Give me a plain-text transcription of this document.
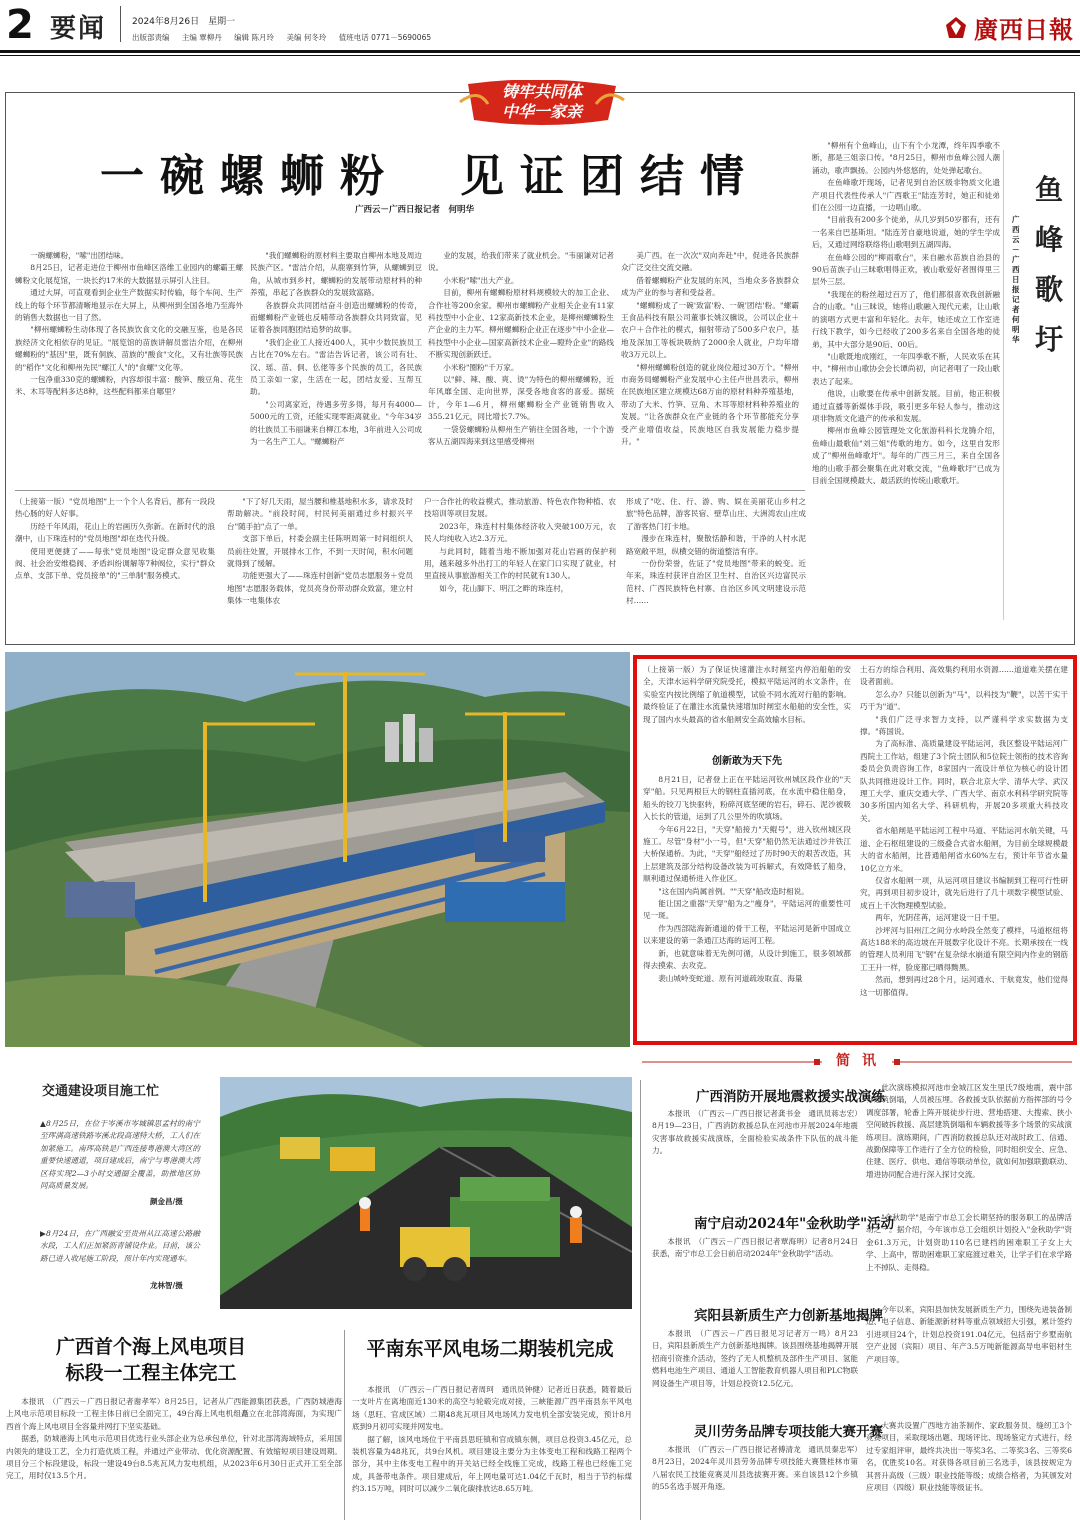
2 要闻	2024年8月26日　星期一
出版部责编 主编 覃柳丹 编辑 陈月玲 美编 何冬玲 值班电话 0771－5690065	廣西日報
铸牢共同体
中华一家亲
一碗螺蛳粉　见证团结情
广西云－广西日报记者　何明华

一碗螺蛳粉，"嗦"出团结味。

8月25日，记者走进位于柳州市鱼峰区洛维工业园内的螺霸王螺蛳粉文化展览馆，一块长约17米的大数据显示屏引人注目。

通过大屏，可直观看到企业生产数据实时传输，每个车间、生产线上的每个环节都清晰地显示在大屏上，从柳州到全国各地乃至海外的销售大数据也一目了然。

"柳州螺蛳粉生动体现了各民族饮食文化的交融互鉴，也是各民族经济文化相依存的见证。"展览馆的苗族讲解员雷洁介绍，在柳州螺蛳粉的"基因"里，既有侗族、苗族的"酸食"文化，又有壮族等民族的"稻作"文化和柳州先民"螺江人"的"食螺"文化等。

一包净重330克的螺蛳粉，内容却很丰富：酸笋、酸豆角、花生米、木耳等配料多达8种，这些配料都来自哪里？

"我们螺蛳粉的原材料主要取自柳州本地及周边民族产区。"雷洁介绍，从鹿寨到竹笋，从螺蛳到豆角，从城市到乡村，螺蛳粉的发展带动原材料的种养殖，串起了各族群众的发展致富路。

各族群众共同团结奋斗创造出螺蛳粉的传奇，而螺蛳粉产业链也反哺带动各族群众共同致富，见证着各族同胞团结追梦的故事。

"我们企业工人接近400人，其中少数民族员工占比在70%左右。"雷洁告诉记者，该公司有壮、汉、瑶、苗、侗、仫佬等多个民族的员工，各民族员工亲如一家，生活在一起，团结友爱、互帮互助。

"公司离家近，待遇多劳多得，每月有4000—5000元的工资，还能实现零距离就业。"今年34岁的壮族员工韦丽谦来自柳江本地，3年前进入公司成为一名生产工人。"螺蛳粉产

业的发展，给我们带来了就业机会。"韦丽谦对记者说。

小米粉"嗦"出大产业。

目前，柳州有螺蛳粉原材料规模较大的加工企业、合作社等200余家。柳州市螺蛳粉产业相关企业有11家科技型中小企业、12家高新技术企业，是柳州螺蛳粉生产企业的主力军。柳州螺蛳粉企业正在逐步"中小企业—科技型中小企业—国家高新技术企业—瞪羚企业"的路线不断实现创新跃迁。

小米粉"圈粉"千万家。

以"鲜、辣、酸、爽、烫"为特色的柳州螺蛳粉，近年风靡全国、走向世界，深受各地食客的喜爱。据统计，今年1—6月，柳州螺蛳粉全产业链销售收入355.21亿元，同比增长7.7%。

一袋袋螺蛳粉从柳州生产销往全国各地，一个个游客从五湖四海来到这里感受柳州

美广西。在一次次"双向奔赴"中，促进各民族群众广泛交往交流交融。

借着螺蛳粉产业发展的东风，当地众多各族群众成为产业的参与者和受益者。

"螺蛳粉成了一碗'致富'粉、一碗'团结'粉。"螺霸王食品科技有限公司董事长姚汉骥说，公司以企业＋农户＋合作社的模式，辐射带动了500多户农户，基地及深加工等板块吸纳了2000余人就业，户均年增收3万元以上。

"柳州螺蛳粉创造的就业岗位超过30万个。"柳州市商务局螺蛳粉产业发展中心主任卢世昌表示，柳州在民族地区建立规模达68万亩的原材料种养殖基地，带动了大米、竹笋、豆角、木耳等原材料种养殖业的发展。"让各族群众在产业链的各个环节都能充分享受产业增值收益，民族地区自我发展能力稳步提升。"

（上接第一版）"党员地图"上一个个人名背后，都有一段段热心肠的好人好事。

历经千年风雨，花山上的岩画历久弥新。在新时代的浪潮中，山下珠连村的"党员地图"却在迭代升级。

使用更便捷了——每张"党员地图"设定群众意见收集阀、社会治安维稳阀、矛盾纠纷调解等7种阀位，实行"群众点单、支部下单、党员接单"的"三单制"服务模式。

"下了好几天雨，屋当腰和椎基地积水多，请求及时帮助解决。"前段时间，村民何美丽通过乡村振兴平台"随手拍"点了一单。

支部下单后，村委会副主任陈明周第一时间组织人员前往处置，开展排水工作，不到一天时间，积水问题就得到了缓解。

功能更强大了——珠连村创新"党员志愿服务＋党员地图"志愿服务载体，党员亮身份带动群众致富，建立村集体一电集体农

户一合作社的收益模式，推动旅游、特色农作物种植、农技培训等项目发展。

2023年，珠连村村集体经济收入突破100万元，农民人均纯收入达2.3万元。

与此同时，随着当地不断加强对花山岩画的保护利用，越来越多外出打工的年轻人在家门口实现了就业，村里直接从事旅游相关工作的村民就有130人。

如今，花山脚下、明江之畔的珠连村，

形成了"吃、住、行、游、购、娱在美丽花山乡村之旅"特色品牌，游客民宿、壁草山庄、大洲湾农山庄成了游客热门打卡地。

漫步在珠连村，聚散恬静和谐，干净的人村水泥路宽敞平坦，纵横交错的街道整洁有序。

一份份荣誉，佐证了"党员地图"带来的蜕变。近年来，珠连村获评自治区卫生村、自治区兴边富民示范村、广西民族特色村寨、自治区乡风文明建设示范村……

"柳州有个鱼峰山，山下有个小龙潭，终年四季歌不断，都是三姐亲口传。"8月25日，柳州市鱼峰公园人潮涌动，歌声飘扬。公园内外悠悠的，处处弹起歌台。

在鱼峰歌圩现场，记者见到自治区级非物质文化遗产项目代表性传承人"广西歌王"陆连芳时，她正和徒弟们在公园一边直播，一边唱山歌。

"目前我有200多个徒弟，从几岁到50岁都有，还有一名来自巴基斯坦。"陆连芳自豪地说道，她的学生学成后，又通过网络联络将山歌唱到五湖四海。

在鱼峰公园的"柳雨歌台"，来自融水苗族自治县的90后苗族子山三昧歌唱得正欢，被山歌爱好者围得里三层外三层。

"我现在的粉丝超过百万了，他们都很喜欢我创新融合的山歌。"山三昧说，她将山歌融入现代元素，让山歌的演唱方式更丰富和年轻化。去年，她还成立工作室进行线下教学，如今已经收了200多名来自全国各地的徒弟，其中大部分是90后、00后。

"山歌既地成刚红，一年四季歌不断，人民欢乐在其中。"柳州市山歌协会会长谭尚初，向记者唱了一段山歌表达了起来。

他说，山歌要在传承中创新发展。目前，他正积极通过直播等新媒体手段，吸引更多年轻人参与，推动这项非物质文化遗产的传承和发展。

柳州市鱼峰公园管理处文化旅游科科长龙腾介绍，鱼峰山最歌仙"刘三姐"传歌的地方。如今，这里自发形成了"柳州鱼峰歌圩"。每年的广西三月三，来自全国各地的山歌手都会聚集在此对歌交流，"鱼峰歌圩"已成为目前全国规模最大、最活跃的传统山歌歌圩。

广西云－广西日报记者　何明华
鱼峰歌圩

（上接第一版）为了保证快速灌注水时闸室内停泊船舶的安全，天津水运科学研究院受托，模拟平陆运河的水文条件，在实验室内按比例缩了航道模型，试验不同水流对行船的影响。最终验证了在灌注水流量快速增加时闸室水船舶的安全性，实现了国内水头最高的省水船闸安全高效输水目标。

创新敢为天下先

8月21日，记者登上正在平陆运河钦州城区段作业的"天穿"船。只见两根巨大的钢柱直插河底，在水流中稳住船身，船头的铰刀飞快驱转，粉碎河底坚硬的岩石，碎石、泥沙被吸入长长的管道，运到了几公里外的吹填场。

今年6月22日，"天穿"船接力"天鲲号"，进入钦州城区段施工。尽管"身材"小一号，但"天穿"船仍然无法通过沙井铁江大桥保通桥。为此，"天穿"船经过了历时90天的艰苦改造，其上层建筑及部分结构设备改装为可拆解式，有效降低了船身，顺利通过保通桥进入作业区。

"这在国内尚属首例。""天穿"船改造时相说。

能让国之重器"天穿"船为之"瘦身"，平陆运河的重要性可见一斑。

作为西部陆海新通道的骨干工程，平陆运河是新中国成立以来建设的第一条通江达海的运河工程。

新，也就意味着无先例可循，从设计到施工，很多领域都得去摸索、去攻克。

裴山城岭变蛇道、原有河道疏竣取直、海量

土石方的综合利用、高效集约利用水资源……道道难关摆在建设者面前。

怎么办？只能以创新为"马"，以科技为"鞭"，以苦干实干巧干为"道"。

"我们广泛寻求智力支持，以严谨科学求实数据为支撑。"蒋国说。

为了高标准、高质量建设平陆运河，我区整设平陆运河广西院土工作站，组建了3个院士团队和5位院士领衔的技术咨询委员会负责咨询工作，8家国内一流设计单位为核心的设计团队共同推进设计工作。同时，联合北京大学、清华大学、武汉理工大学、重庆交通大学、广西大学、南京水利科学研究院等30多所国内知名大学、科研机构，开展20多项重大科技攻关。

省水船闸是平陆运河工程中马道、平陆运河水航关键，马道、企石枢纽建设的三级叠合式省水船闸，为目前全球规模最大的省水船闸，比普通船闸省水60%左右，预计年节省水量10亿立方米。

仅省水船闸一项，从运河项目建议书编制到工程可行性研究，再到项目初步设计，就先后进行了几十项数字模型试验、成百上千次物理模型试验。

两年，光阴荏苒，运河建设一日千里。

沙坪河与旧州江之间分水岭段全然变了模样，马道枢纽将高达188米的高边坡在开展数字化设计不亮。长期承按在一线的管理人员利用飞"钢"在复杂绿水崩道有限空间内作业的钢筋工王升一样，脸庞都已晒得黝黑。

然而，想到再过28个月，运河通水、干航竟发，他们觉得这一切都值得。

简讯
广西消防开展地震救援实战演练

本报讯　（广西云－广西日报记者龚书金　通讯员蒋志宏）8月19—23日，广西消防救援总队在河池市开展2024年地震灾害事故救援实战演练，全面检验实战条件下队伍的战斗能力。

此次演练模拟河池市金城江区发生里氏7级地震，震中部分建筑倒塌，人员被压埋。各救援支队依据前方指挥部的号令调度部署，轮番上阵开展徒步行进、营地搭建、大搜索、狭小空间破拆救援、高层建筑倒塌和车辆救援等多个场景的实战演练项目。演练期间，广西消防救援总队还对战时政工、信通、战勤保障等工作进行了全方位的检验，同时组织安全、应急、住建、医疗、供电、通信等联动单位，就如何加强联勤联动、增进协同配合进行深入探讨交流。

南宁启动2024年"金秋助学"活动

本报讯　（广西云－广西日报记者覃海明）记者8月24日获悉，南宁市总工会日前启动2024年"金秋助学"活动。

"金秋助学"是南宁市总工会长期坚持的服务职工的品牌活动之一。据介绍，今年该市总工会组织计划投入"金秋助学"资金61.3万元，计划资助110名已建档的困难职工子女上大学、上高中，帮助困难职工家庭渡过难关，让学子们在求学路上不掉队、走得稳。

宾阳县新质生产力创新基地揭牌

本报讯　（广西云－广西日报见习记者万一鸣）8月23日，宾阳县新质生产力创新基地揭牌。该县围绕基地揭牌开展招商引资推介活动，签约了无人机整机及部件生产项目、氢能燃料电池生产项目、通道人工智能教育机器人项目和PLC物联网设备生产项目等，计划总投资12.5亿元。

今年以来，宾阳县加快发展新质生产力，围绕先进装备制造、电子信息、新能源新材料等重点领域招大引强，累计签约引进项目24个，计划总投资191.04亿元，包括南宁乡墅南航空产业园（宾阳）项目、年产3.5万吨新能源高导电率铝材生产项目等。

灵川劳务品牌专项技能大赛开赛

本报讯　（广西云－广西日报记者傅清龙　通讯员秦忠军）8月23日，2024年灵川县劳务品牌专项技能大赛暨桂林市第八届农民工技能竞赛灵川县选拔赛开赛。来自该县12个乡镇的55名选手展开角逐。

大赛共设置广西地方油茶制作、家政服务员、缝纫工3个竞赛项目，采取现场出题、现场评比、现场鉴定方式进行，经过专家组评审，最终共决出一等奖3名、二等奖3名、三等奖6名，优胜奖10名。对获得各项目前三名选手，该县按规定为其晋升高级（三级）职业技能等级；成绩合格者，为其颁发对应项目（四级）职业技能等级证书。

交通建设项目施工忙
▲8月25日，在位于岑溪市岑城镇思孟村的南宁至珲满高速铁路岑溪北段高速特大桥，工人们在加紧施工。南珲高铁是广西连接粤港澳大湾区的重要快速通道，项目建成后，南宁与粤港澳大湾区将实现2—3小时交通圈全覆盖，助推地区协同高质量发展。
颜金昌/摄
▶8月24日，在广西融安至贵州从江高速公路融水段，工人们正加紧沥青铺设作业。目前，该公路已进入收尾施工阶段，预计年内实现通车。
龙林智/摄
广西首个海上风电项目
标段一工程主体完工

本报讯　（广西云－广西日报记者谢孝军）8月25日，记者从广西能源集团获悉，广西防城港海上风电示范项目标段一工程主体日前已全面完工，49台海上风电机组矗立在北部湾海面，为实现广西首个海上风电项目全容量并网打下坚实基础。

据悉，防城港海上风电示范项目优选行业头部企业为总承包单位，针对北部湾海域特点，采用国内领先的建设工艺，全力打造优质工程，并通过产业带动、优化资源配置、有效缩短项目建设周期。项目分三个标段建设，标段一建设49台8.5兆瓦风力发电机组，从2023年6月30日正式开工至全部完工，用时仅13.5个月。

平南东平风电场二期装机完成

本报讯　（广西云－广西日报记者周珂　通讯员钟健）记者近日获悉，随着最后一支叶片在离地面近130米的高空与轮毂完成对接，三峡能源广西平南县东平风电场（思旺、官成区域）二期48兆瓦项目风电场风力发电机全部安装完成，预计8月底到9月初可实现并网发电。

据了解，该风电场位于平南县思旺镇和官成镇东侧，项目总投资3.45亿元，总装机容量为48兆瓦，共9台风机。项目建设主要分为主体变电工程和线路工程两个部分，其中主体变电工程中的开关站已经全线施工完成，线路工程也已经施工完成，具备带电条件。项目建成后，年上网电量可达1.04亿千瓦时，相当于节约标煤约3.15万吨，同时可以减少二氧化碳排放达8.65万吨。
